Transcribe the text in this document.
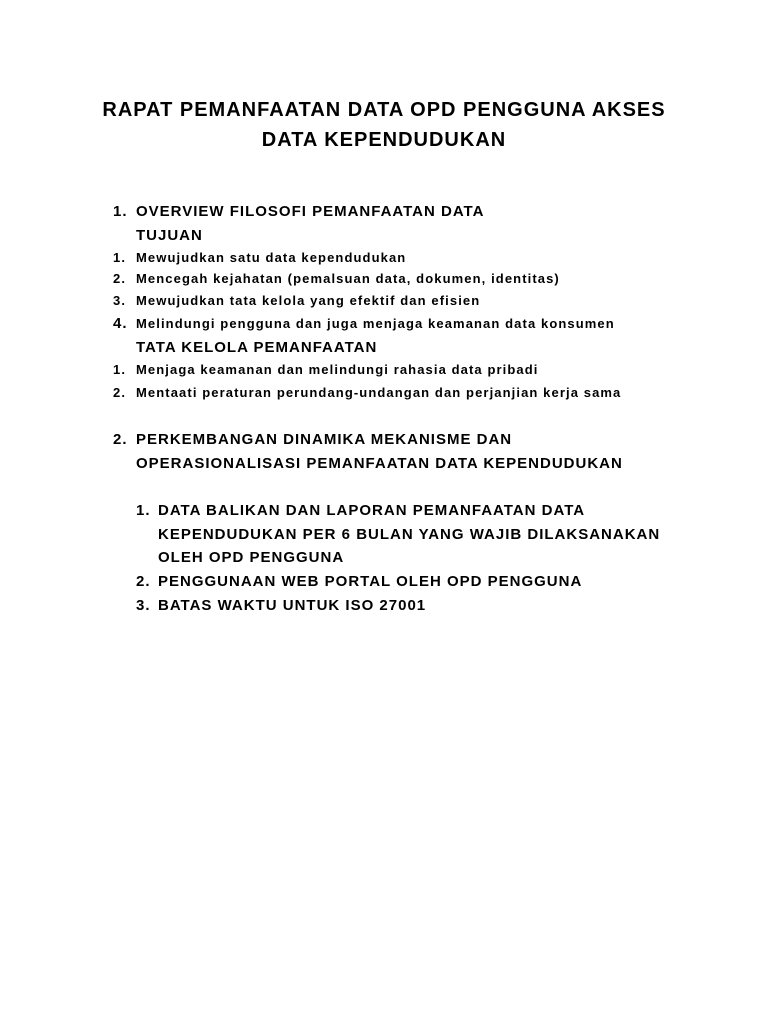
RAPAT PEMANFAATAN DATA OPD PENGGUNA AKSES
DATA KEPENDUDUKAN
1. OVERVIEW FILOSOFI PEMANFAATAN DATA
TUJUAN
1. Mewujudkan satu data kependudukan
2. Mencegah kejahatan (pemalsuan data, dokumen, identitas)
3. Mewujudkan tata kelola yang efektif dan efisien
4. Melindungi pengguna dan juga menjaga keamanan data konsumen
TATA KELOLA PEMANFAATAN
1. Menjaga keamanan dan melindungi rahasia data pribadi
2. Mentaati peraturan perundang-undangan dan perjanjian kerja sama
2. PERKEMBANGAN DINAMIKA MEKANISME DAN
OPERASIONALISASI PEMANFAATAN DATA KEPENDUDUKAN
1. DATA BALIKAN DAN LAPORAN PEMANFAATAN DATA
KEPENDUDUKAN PER 6 BULAN YANG WAJIB DILAKSANAKAN
OLEH OPD PENGGUNA
2. PENGGUNAAN WEB PORTAL OLEH OPD PENGGUNA
3. BATAS WAKTU UNTUK ISO 27001
